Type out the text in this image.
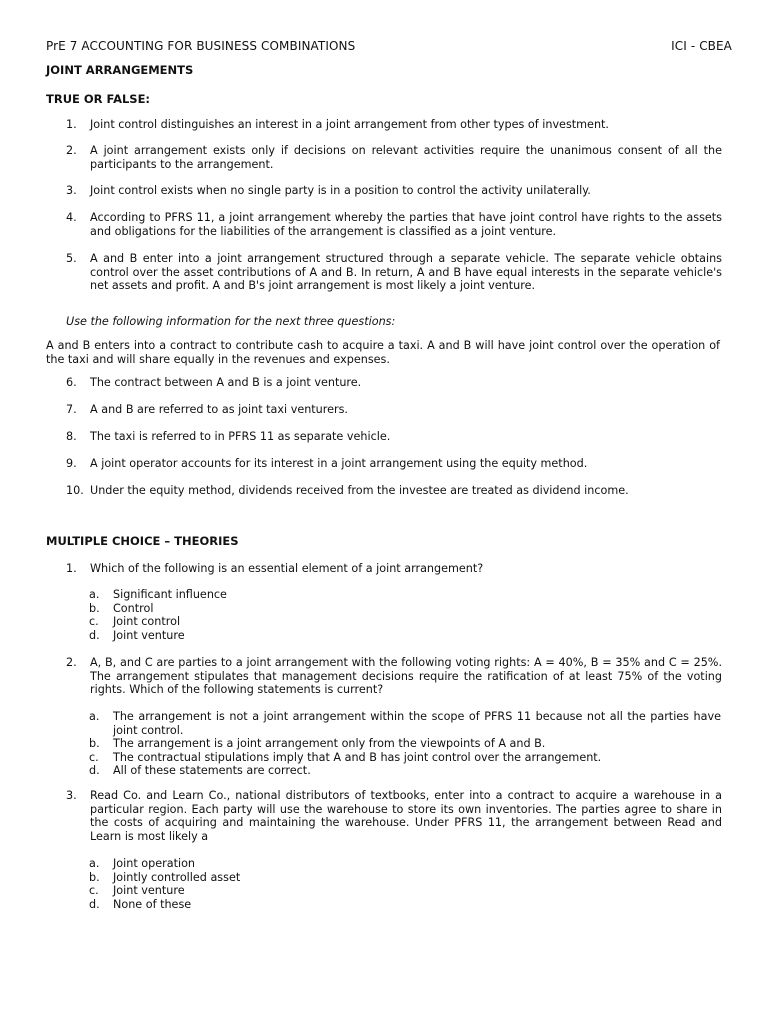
PrE 7 ACCOUNTING FOR BUSINESS COMBINATIONS	ICI - CBEA
JOINT ARRANGEMENTS
TRUE OR FALSE:
1.	Joint control distinguishes an interest in a joint arrangement from other types of investment.
2.	A joint arrangement exists only if decisions on relevant activities require the unanimous consent of all the participants to the arrangement.
3.	Joint control exists when no single party is in a position to control the activity unilaterally.
4.	According to PFRS 11, a joint arrangement whereby the parties that have joint control have rights to the assets and obligations for the liabilities of the arrangement is classified as a joint venture.
5.	A and B enter into a joint arrangement structured through a separate vehicle. The separate vehicle obtains control over the asset contributions of A and B. In return, A and B have equal interests in the separate vehicle's net assets and profit. A and B's joint arrangement is most likely a joint venture.
Use the following information for the next three questions:
A and B enters into a contract to contribute cash to acquire a taxi. A and B will have joint control over the operation of the taxi and will share equally in the revenues and expenses.
6.	The contract between A and B is a joint venture.
7.	A and B are referred to as joint taxi venturers.
8.	The taxi is referred to in PFRS 11 as separate vehicle.
9.	A joint operator accounts for its interest in a joint arrangement using the equity method.
10. Under the equity method, dividends received from the investee are treated as dividend income.
MULTIPLE CHOICE – THEORIES
1.	Which of the following is an essential element of a joint arrangement?
a.	Significant influence
b.	Control
c.	Joint control
d.	Joint venture
2.	A, B, and C are parties to a joint arrangement with the following voting rights: A = 40%, B = 35% and C = 25%. The arrangement stipulates that management decisions require the ratification of at least 75% of the voting rights. Which of the following statements is current?
a.	The arrangement is not a joint arrangement within the scope of PFRS 11 because not all the parties have joint control.
b.	The arrangement is a joint arrangement only from the viewpoints of A and B.
c.	The contractual stipulations imply that A and B has joint control over the arrangement.
d.	All of these statements are correct.
3.	Read Co. and Learn Co., national distributors of textbooks, enter into a contract to acquire a warehouse in a particular region. Each party will use the warehouse to store its own inventories. The parties agree to share in the costs of acquiring and maintaining the warehouse. Under PFRS 11, the arrangement between Read and Learn is most likely a
a.	Joint operation
b.	Jointly controlled asset
c.	Joint venture
d.	None of these
